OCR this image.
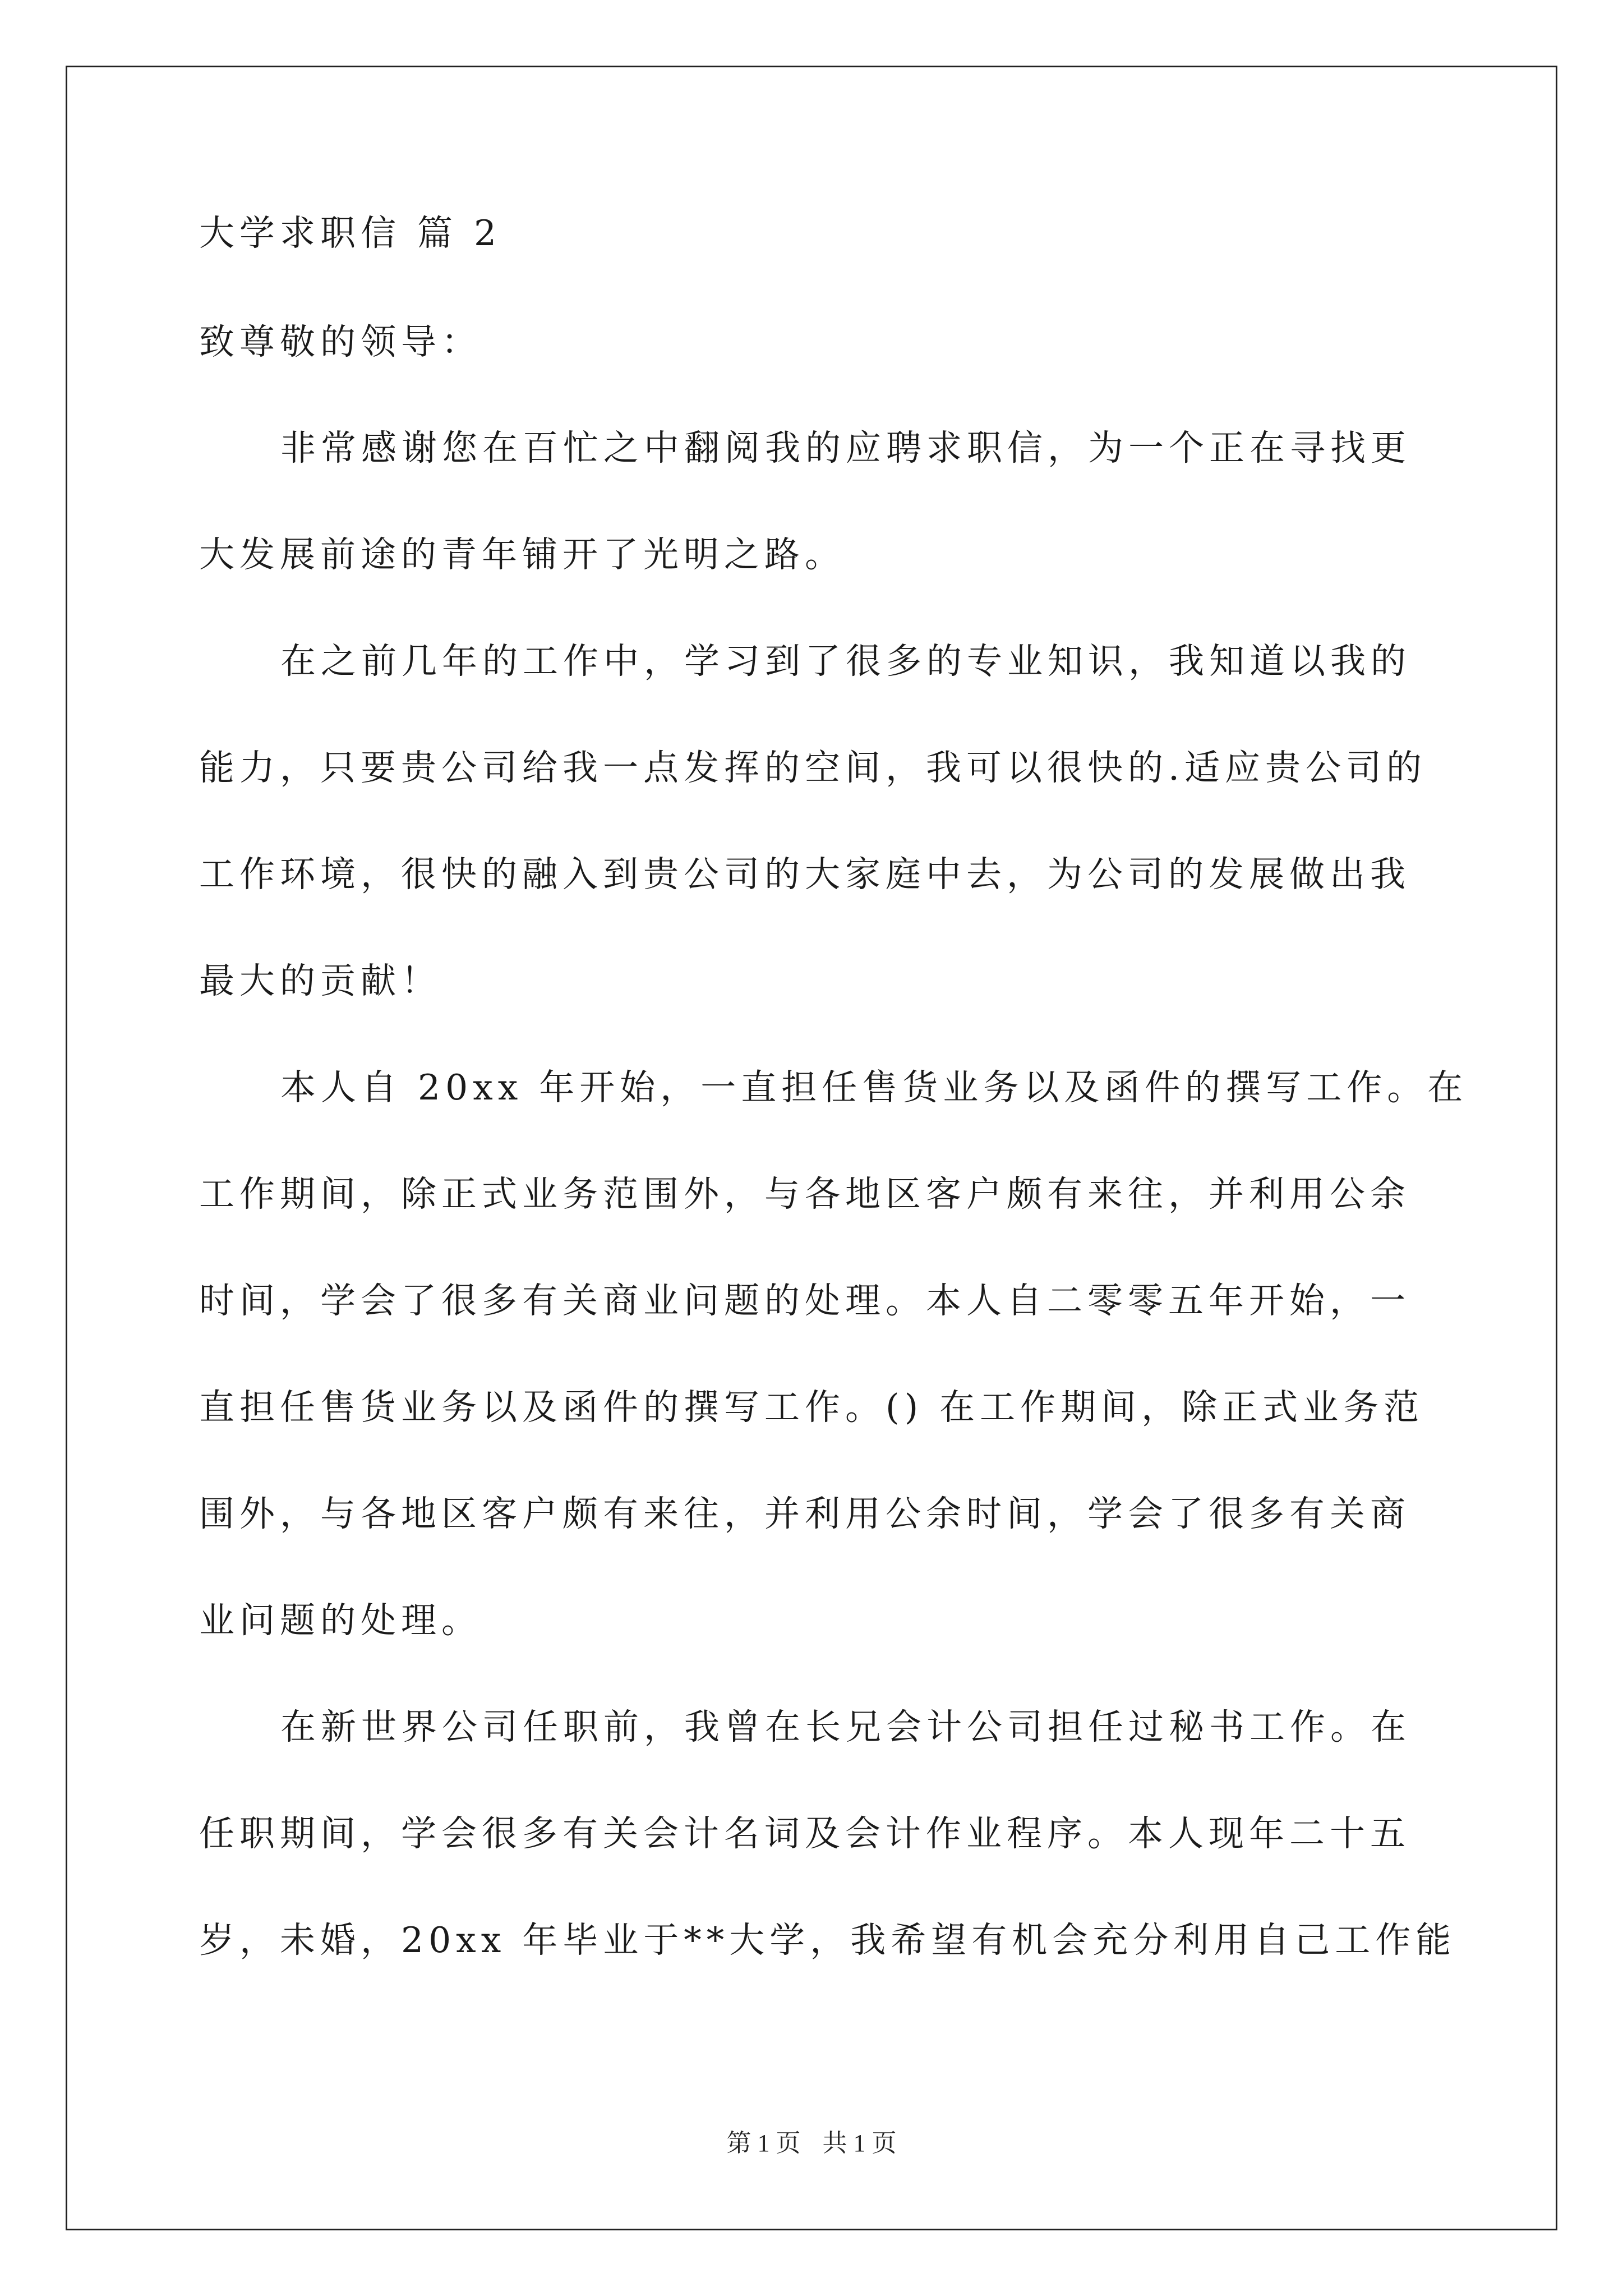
大学求职信 篇 2
致尊敬的领导：
非常感谢您在百忙之中翻阅我的应聘求职信，为一个正在寻找更
大发展前途的青年铺开了光明之路。
在之前几年的工作中，学习到了很多的专业知识，我知道以我的
能力，只要贵公司给我一点发挥的空间，我可以很快的.适应贵公司的
工作环境，很快的融入到贵公司的大家庭中去，为公司的发展做出我
最大的贡献！
本人自 20xx 年开始，一直担任售货业务以及函件的撰写工作。在
工作期间，除正式业务范围外，与各地区客户颇有来往，并利用公余
时间，学会了很多有关商业问题的处理。本人自二零零五年开始，一
直担任售货业务以及函件的撰写工作。() 在工作期间，除正式业务范
围外，与各地区客户颇有来往，并利用公余时间，学会了很多有关商
业问题的处理。
在新世界公司任职前，我曾在长兄会计公司担任过秘书工作。在
任职期间，学会很多有关会计名词及会计作业程序。本人现年二十五
岁，未婚，20xx 年毕业于**大学，我希望有机会充分利用自己工作能
第 1 页 共 1 页
